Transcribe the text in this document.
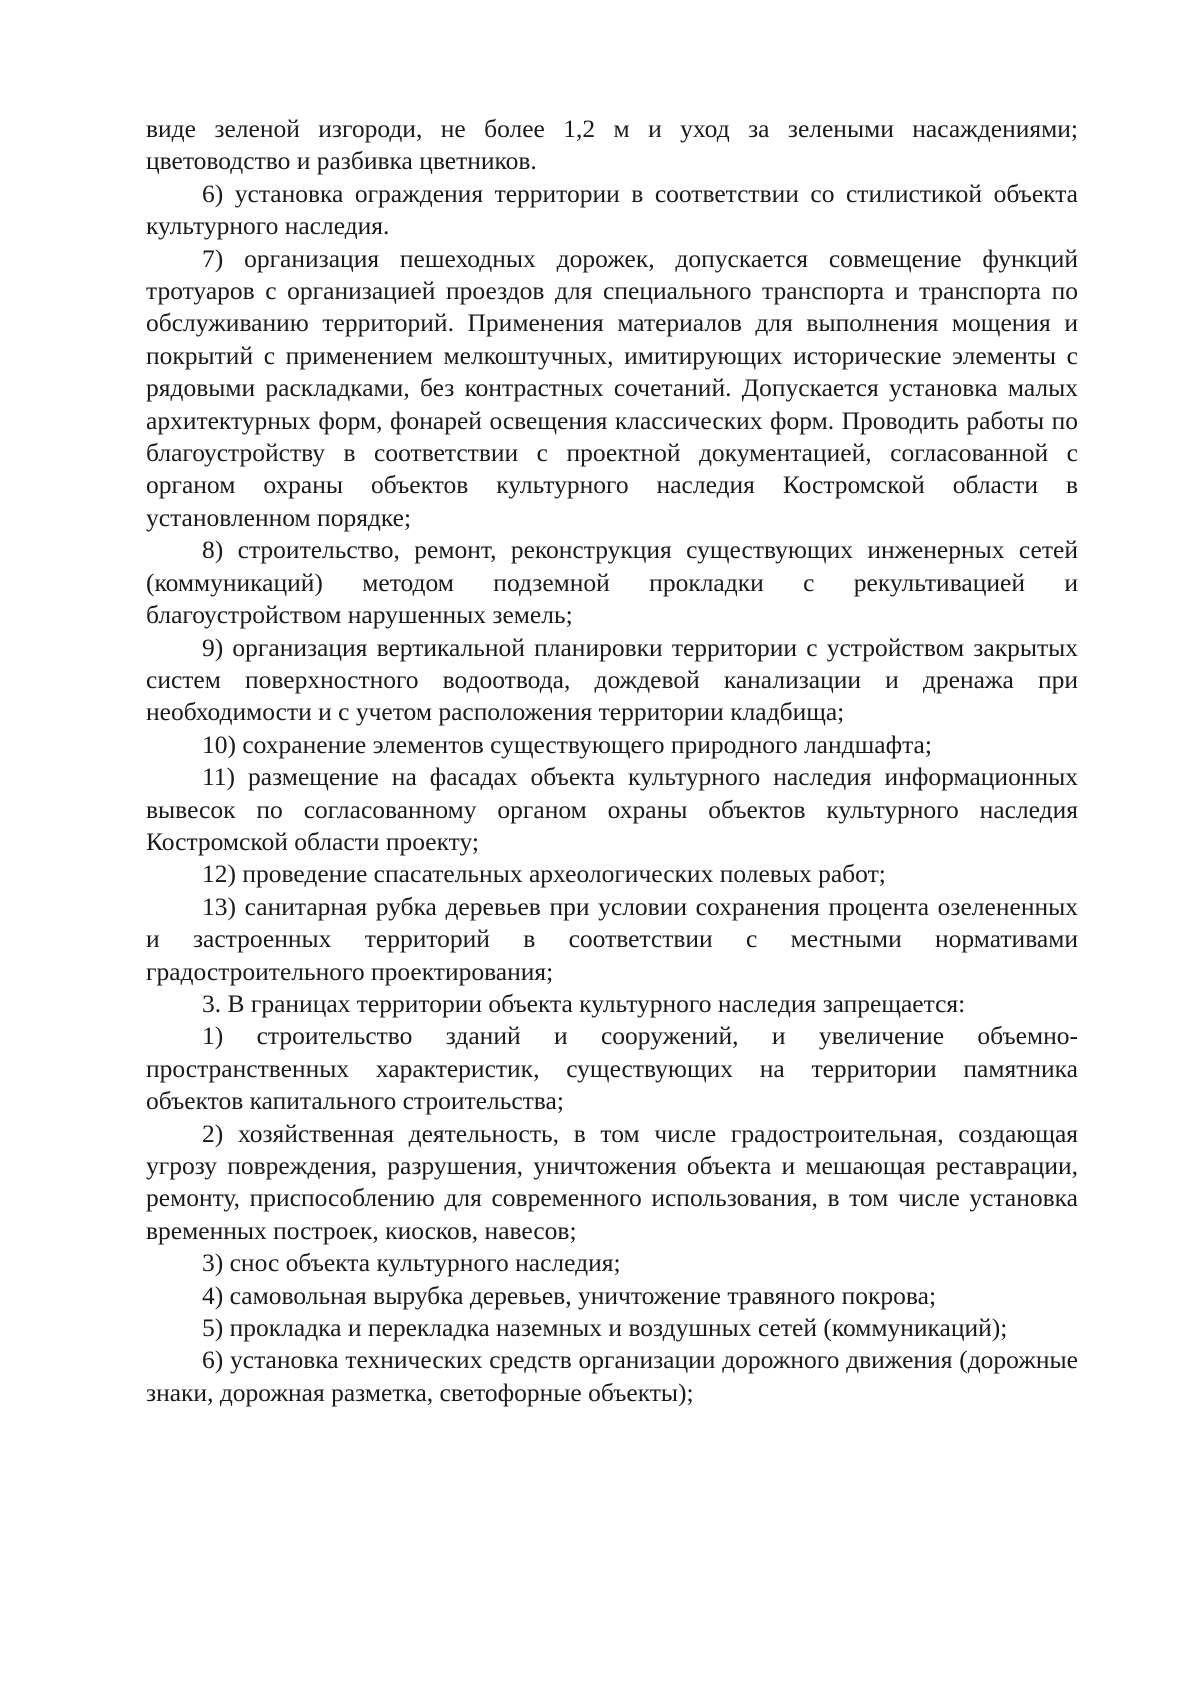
виде зеленой изгороди, не более 1,2 м и уход за зелеными насаждениями; цветоводство и разбивка цветников.

6) установка ограждения территории в соответствии со стилистикой объекта культурного наследия.

7) организация пешеходных дорожек, допускается совмещение функций тротуаров с организацией проездов для специального транспорта и транспорта по обслуживанию территорий. Применения материалов для выполнения мощения и покрытий с применением мелкоштучных, имитирующих исторические элементы с рядовыми раскладками, без контрастных сочетаний. Допускается установка малых архитектурных форм, фонарей освещения классических форм. Проводить работы по благоустройству в соответствии с проектной документацией, согласованной с органом охраны объектов культурного наследия Костромской области в установленном порядке;

8) строительство, ремонт, реконструкция существующих инженерных сетей (коммуникаций) методом подземной прокладки с рекультивацией и благоустройством нарушенных земель;

9) организация вертикальной планировки территории с устройством закрытых систем поверхностного водоотвода, дождевой канализации и дренажа при необходимости и с учетом расположения территории кладбища;

10) сохранение элементов существующего природного ландшафта;

11) размещение на фасадах объекта культурного наследия информационных вывесок по согласованному органом охраны объектов культурного наследия Костромской области проекту;

12) проведение спасательных археологических полевых работ;

13) санитарная рубка деревьев при условии сохранения процента озелененных и застроенных территорий в соответствии с местными нормативами градостроительного проектирования;

3. В границах территории объекта культурного наследия запрещается:

1) строительство зданий и сооружений, и увеличение объемно-пространственных характеристик, существующих на территории памятника объектов капитального строительства;

2) хозяйственная деятельность, в том числе градостроительная, создающая угрозу повреждения, разрушения, уничтожения объекта и мешающая реставрации, ремонту, приспособлению для современного использования, в том числе установка временных построек, киосков, навесов;

3) снос объекта культурного наследия;

4) самовольная вырубка деревьев, уничтожение травяного покрова;

5) прокладка и перекладка наземных и воздушных сетей (коммуникаций);

6) установка технических средств организации дорожного движения (дорожные знаки, дорожная разметка, светофорные объекты);
